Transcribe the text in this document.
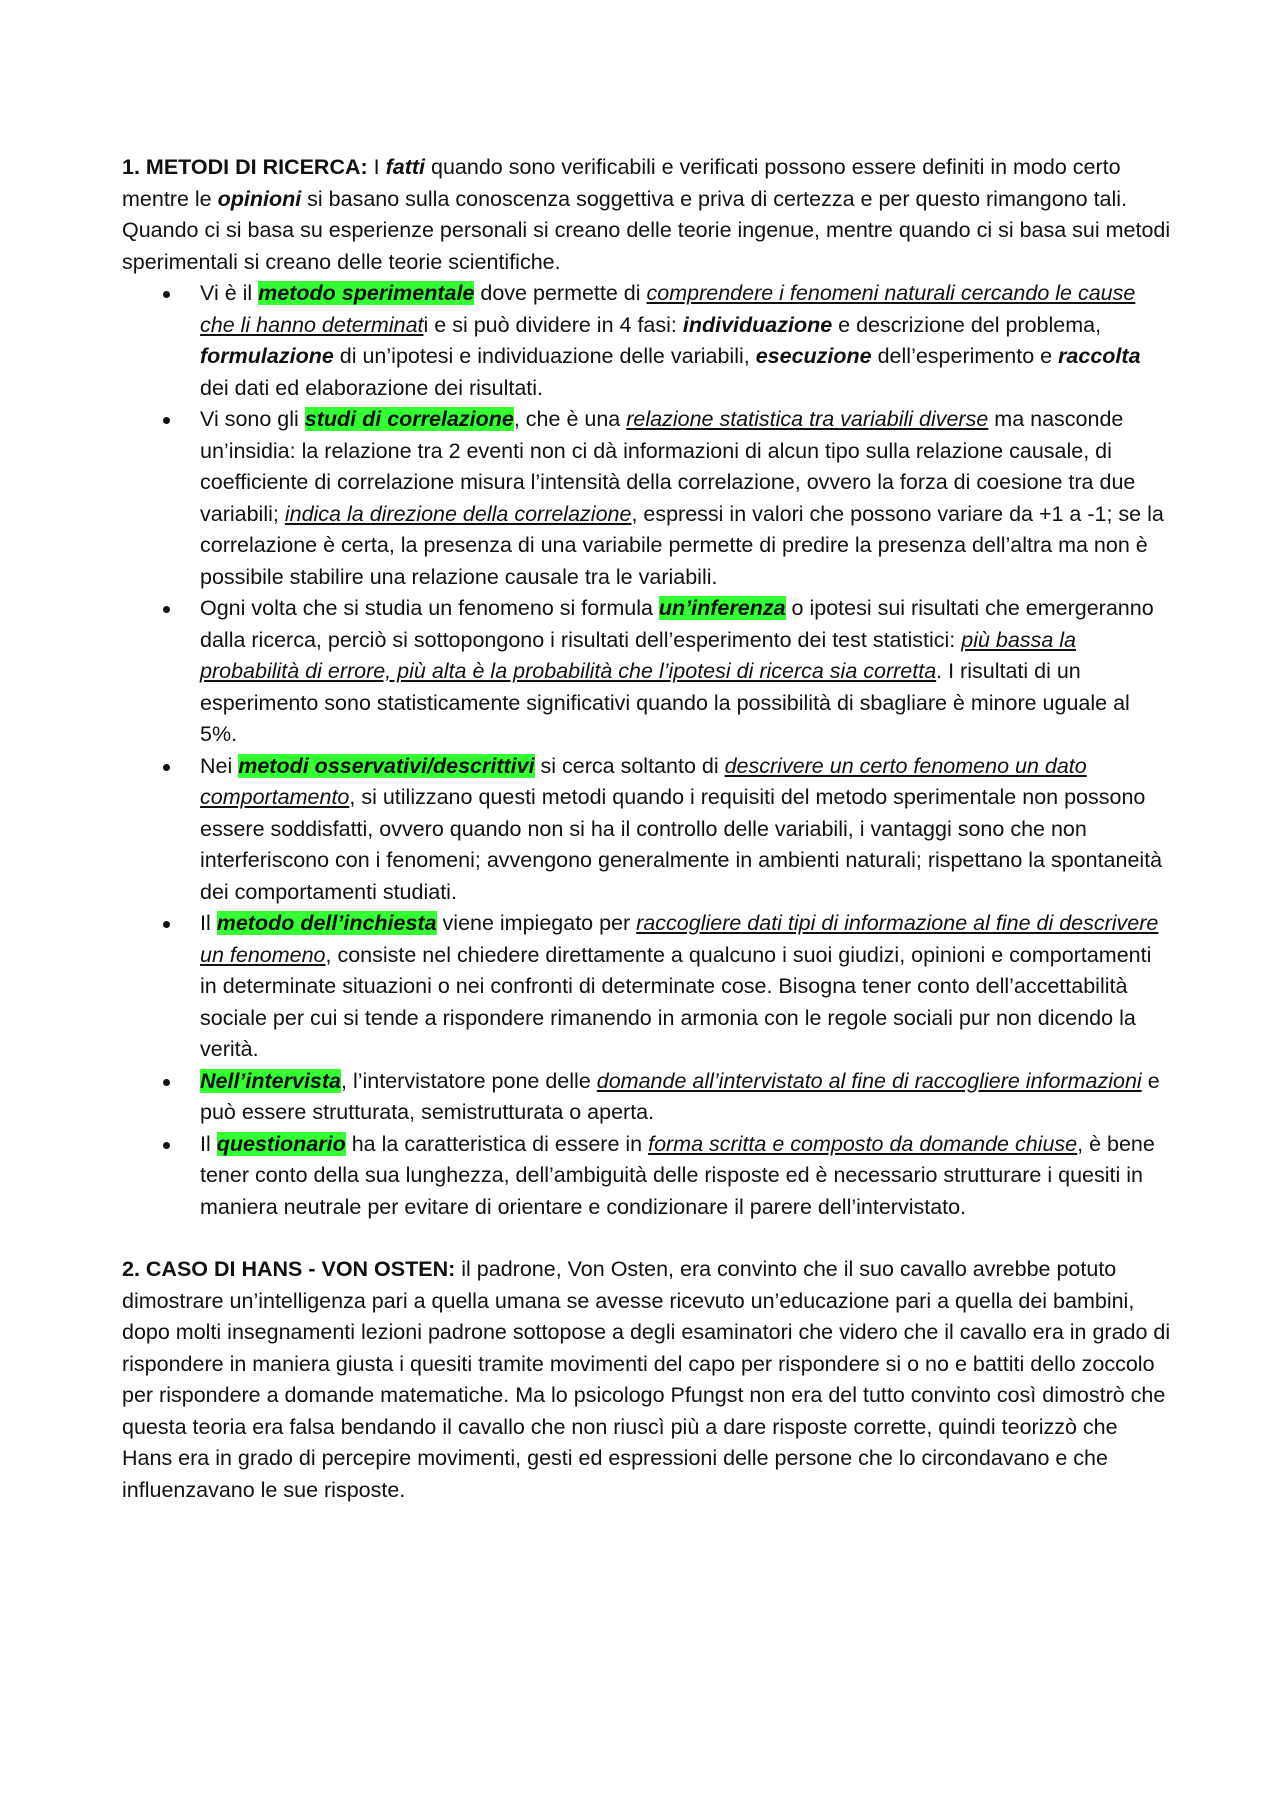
1. METODI DI RICERCA: I fatti quando sono verificabili e verificati possono essere definiti in modo certo mentre le opinioni si basano sulla conoscenza soggettiva e priva di certezza e per questo rimangono tali. Quando ci si basa su esperienze personali si creano delle teorie ingenue, mentre quando ci si basa sui metodi sperimentali si creano delle teorie scientifiche.

Vi è il metodo sperimentale dove permette di comprendere i fenomeni naturali cercando le cause che li hanno determinati e si può dividere in 4 fasi: individuazione e descrizione del problema, formulazione di un’ipotesi e individuazione delle variabili, esecuzione dell’esperimento e raccolta dei dati ed elaborazione dei risultati.
Vi sono gli studi di correlazione, che è una relazione statistica tra variabili diverse ma nasconde un’insidia: la relazione tra 2 eventi non ci dà informazioni di alcun tipo sulla relazione causale, di coefficiente di correlazione misura l’intensità della correlazione, ovvero la forza di coesione tra due variabili; indica la direzione della correlazione, espressi in valori che possono variare da +1 a -1; se la correlazione è certa, la presenza di una variabile permette di predire la presenza dell’altra ma non è possibile stabilire una relazione causale tra le variabili.
Ogni volta che si studia un fenomeno si formula un’inferenza o ipotesi sui risultati che emergeranno dalla ricerca, perciò si sottopongono i risultati dell’esperimento dei test statistici: più bassa la probabilità di errore, più alta è la probabilità che l’ipotesi di ricerca sia corretta. I risultati di un esperimento sono statisticamente significativi quando la possibilità di sbagliare è minore uguale al 5%.
Nei metodi osservativi/descrittivi si cerca soltanto di descrivere un certo fenomeno un dato comportamento, si utilizzano questi metodi quando i requisiti del metodo sperimentale non possono essere soddisfatti, ovvero quando non si ha il controllo delle variabili, i vantaggi sono che non interferiscono con i fenomeni; avvengono generalmente in ambienti naturali; rispettano la spontaneità dei comportamenti studiati.
Il metodo dell’inchiesta viene impiegato per raccogliere dati tipi di informazione al fine di descrivere un fenomeno, consiste nel chiedere direttamente a qualcuno i suoi giudizi, opinioni e comportamenti in determinate situazioni o nei confronti di determinate cose. Bisogna tener conto dell’accettabilità sociale per cui si tende a rispondere rimanendo in armonia con le regole sociali pur non dicendo la verità.
Nell’intervista, l’intervistatore pone delle domande all’intervistato al fine di raccogliere informazioni e può essere strutturata, semistrutturata o aperta.
Il questionario ha la caratteristica di essere in forma scritta e composto da domande chiuse, è bene tener conto della sua lunghezza, dell’ambiguità delle risposte ed è necessario strutturare i quesiti in maniera neutrale per evitare di orientare e condizionare il parere dell’intervistato.

2. CASO DI HANS - VON OSTEN: il padrone, Von Osten, era convinto che il suo cavallo avrebbe potuto dimostrare un’intelligenza pari a quella umana se avesse ricevuto un’educazione pari a quella dei bambini, dopo molti insegnamenti lezioni padrone sottopose a degli esaminatori che videro che il cavallo era in grado di rispondere in maniera giusta i quesiti tramite movimenti del capo per rispondere si o no e battiti dello zoccolo per rispondere a domande matematiche. Ma lo psicologo Pfungst non era del tutto convinto così dimostrò che questa teoria era falsa bendando il cavallo che non riuscì più a dare risposte corrette, quindi teorizzò che Hans era in grado di percepire movimenti, gesti ed espressioni delle persone che lo circondavano e che influenzavano le sue risposte.
